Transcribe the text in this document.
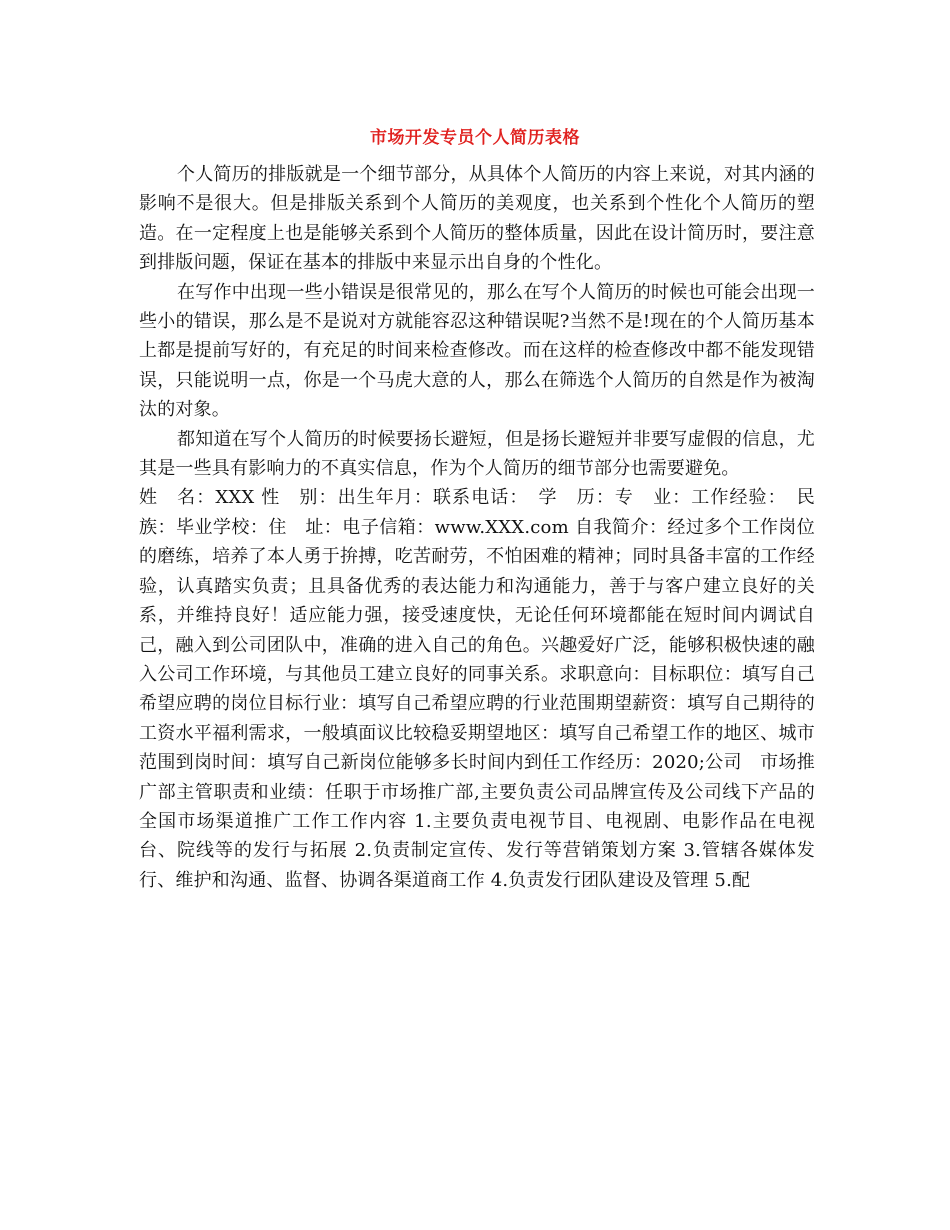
市场开发专员个人简历表格

个人简历的排版就是一个细节部分，从具体个人简历的内容上来说，对其内涵的影响不是很大。但是排版关系到个人简历的美观度，也关系到个性化个人简历的塑造。在一定程度上也是能够关系到个人简历的整体质量，因此在设计简历时，要注意到排版问题，保证在基本的排版中来显示出自身的个性化。

在写作中出现一些小错误是很常见的，那么在写个人简历的时候也可能会出现一些小的错误，那么是不是说对方就能容忍这种错误呢?当然不是!现在的个人简历基本上都是提前写好的，有充足的时间来检查修改。而在这样的检查修改中都不能发现错误，只能说明一点，你是一个马虎大意的人，那么在筛选个人简历的自然是作为被淘汰的对象。

都知道在写个人简历的时候要扬长避短，但是扬长避短并非要写虚假的信息，尤其是一些具有影响力的不真实信息，作为个人简历的细节部分也需要避免。

姓　名：XXX 性　别：出生年月：联系电话：　学　历：专　业：工作经验：　民　族：毕业学校：住　址：电子信箱：www.XXX.com 自我简介：经过多个工作岗位的磨练，培养了本人勇于拚搏，吃苦耐劳，不怕困难的精神；同时具备丰富的工作经验，认真踏实负责；且具备优秀的表达能力和沟通能力，善于与客户建立良好的关系，并维持良好！适应能力强，接受速度快，无论任何环境都能在短时间内调试自己，融入到公司团队中，准确的进入自己的角色。兴趣爱好广泛，能够积极快速的融入公司工作环境，与其他员工建立良好的同事关系。求职意向：目标职位：填写自己希望应聘的岗位目标行业：填写自己希望应聘的行业范围期望薪资：填写自己期待的工资水平福利需求，一般填面议比较稳妥期望地区：填写自己希望工作的地区、城市范围到岗时间：填写自己新岗位能够多长时间内到任工作经历：2020;公司　市场推广部主管职责和业绩：任职于市场推广部,主要负责公司品牌宣传及公司线下产品的全国市场渠道推广工作工作内容 1.主要负责电视节目、电视剧、电影作品在电视台、院线等的发行与拓展 2.负责制定宣传、发行等营销策划方案 3.管辖各媒体发行、维护和沟通、监督、协调各渠道商工作 4.负责发行团队建设及管理 5.配
